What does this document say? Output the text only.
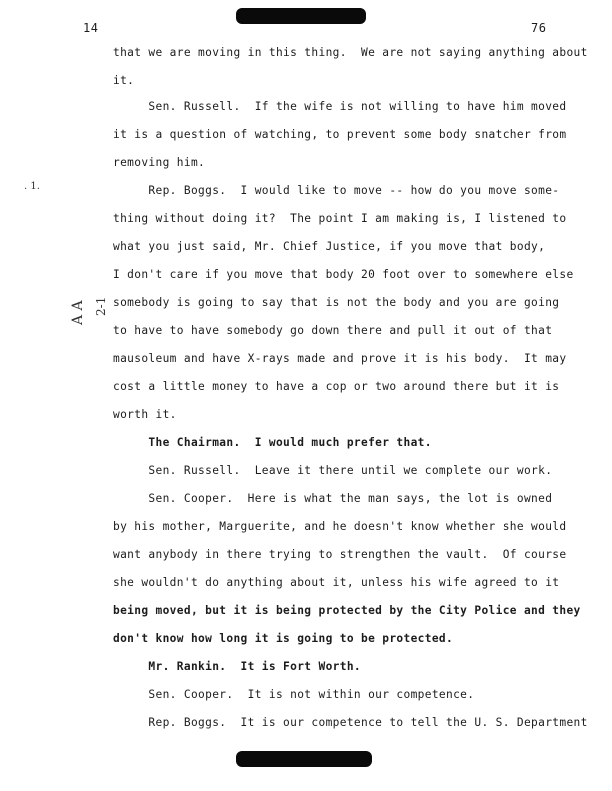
14	76
. 1.
A A 2-1
that we are moving in this thing.  We are not saying anything about
it.
Sen. Russell.  If the wife is not willing to have him moved
it is a question of watching, to prevent some body snatcher from
removing him.
Rep. Boggs.  I would like to move -- how do you move some-
thing without doing it?  The point I am making is, I listened to
what you just said, Mr. Chief Justice, if you move that body,
I don't care if you move that body 20 foot over to somewhere else
somebody is going to say that is not the body and you are going
to have to have somebody go down there and pull it out of that
mausoleum and have X-rays made and prove it is his body.  It may
cost a little money to have a cop or two around there but it is
worth it.
The Chairman.  I would much prefer that.
Sen. Russell.  Leave it there until we complete our work.
Sen. Cooper.  Here is what the man says, the lot is owned
by his mother, Marguerite, and he doesn't know whether she would
want anybody in there trying to strengthen the vault.  Of course
she wouldn't do anything about it, unless his wife agreed to it
being moved, but it is being protected by the City Police and they
don't know how long it is going to be protected.
Mr. Rankin.  It is Fort Worth.
Sen. Cooper.  It is not within our competence.
Rep. Boggs.  It is our competence to tell the U. S. Department
